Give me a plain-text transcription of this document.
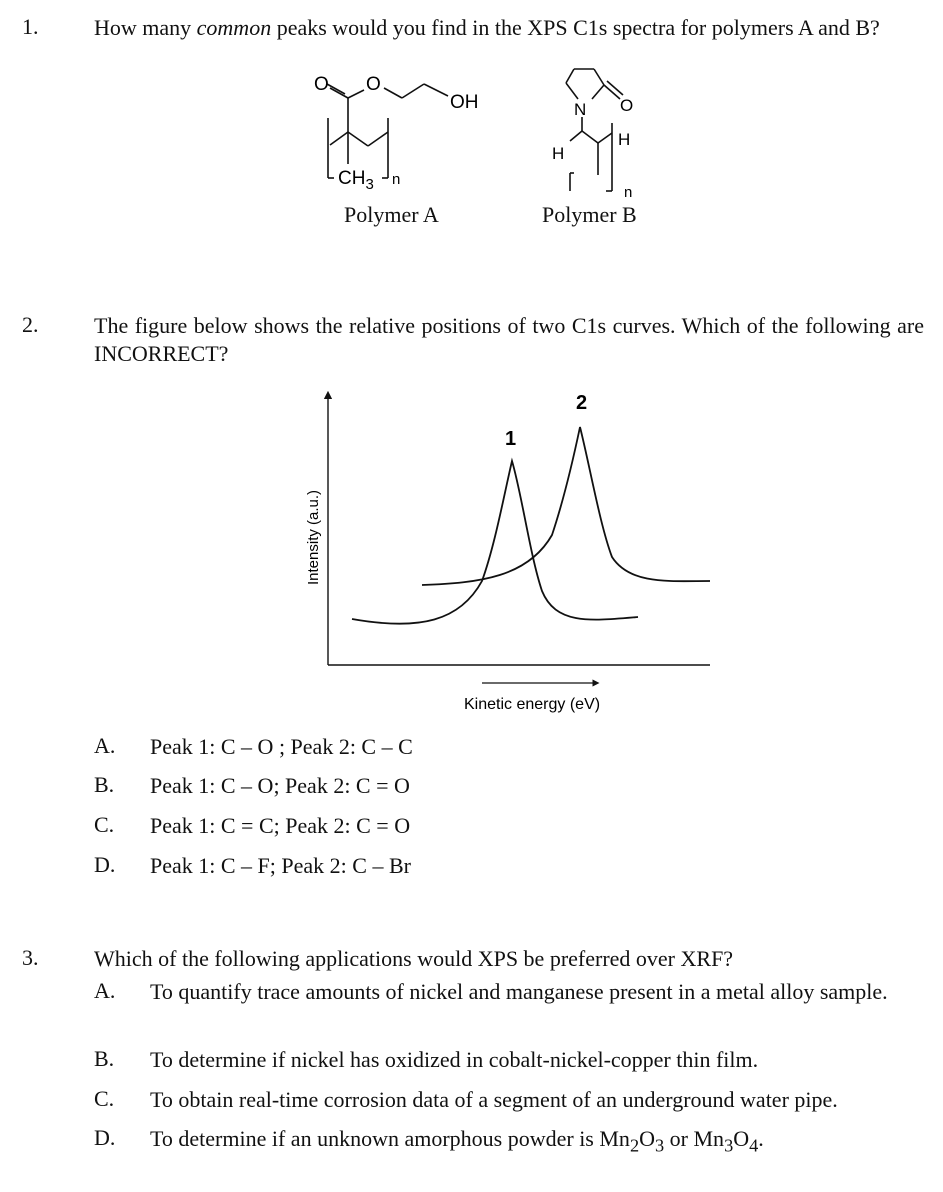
1.	How many common peaks would you find in the XPS C1s spectra for polymers A and B?
O O
OH
$CH_3$ n
Polymer A
N O
H
H
n
Polymer B
2.	The figure below shows the relative positions of two C1s curves. Which of the following are INCORRECT?
1
2
Intensity (a.u.)
Kinetic energy (eV)
A. Peak 1: C – O ; Peak 2: C – C
B. Peak 1: C – O; Peak 2: C = O
C. Peak 1: C = C; Peak 2: C = O
D. Peak 1: C – F; Peak 2: C – Br
3.	Which of the following applications would XPS be preferred over XRF?
A. To quantify trace amounts of nickel and manganese present in a metal alloy sample.
B. To determine if nickel has oxidized in cobalt-nickel-copper thin film.
C. To obtain real-time corrosion data of a segment of an underground water pipe.
D. To determine if an unknown amorphous powder is $Mn_2O_3$ or $Mn_3O_4$.
